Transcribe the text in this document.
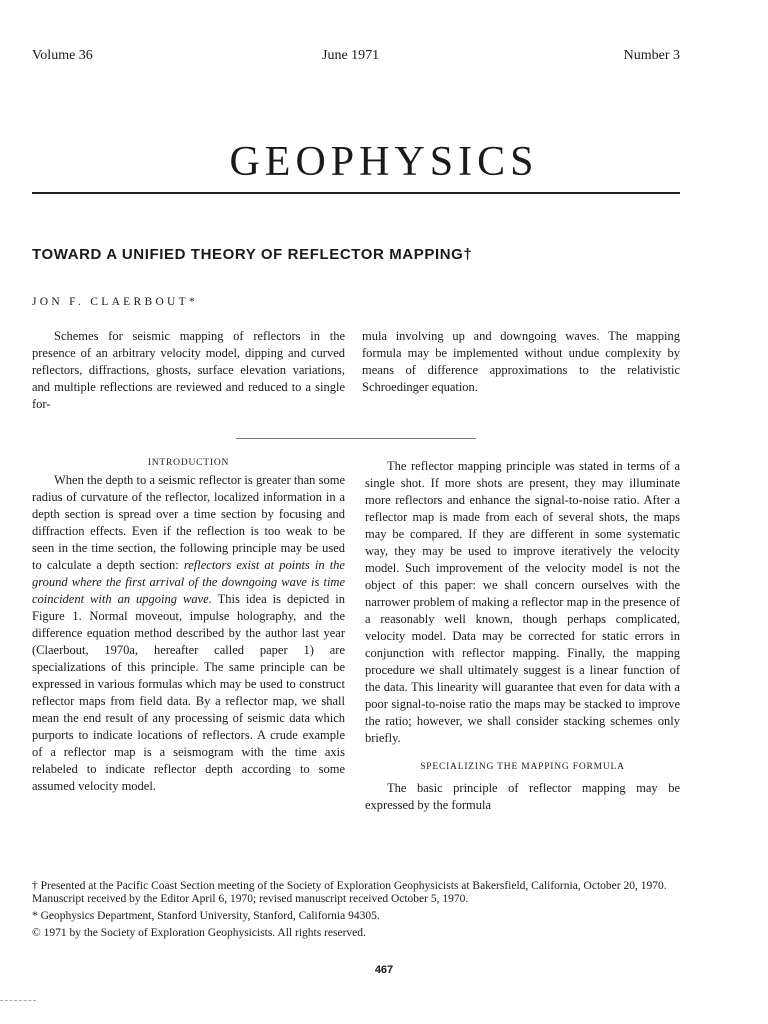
Volume 36	June 1971	Number 3
GEOPHYSICS
TOWARD A UNIFIED THEORY OF REFLECTOR MAPPING†
JON F. CLAERBOUT*

Schemes for seismic mapping of reflectors in the presence of an arbitrary velocity model, dipping and curved reflectors, diffractions, ghosts, surface elevation variations, and multiple reflections are reviewed and reduced to a single for-

mula involving up and downgoing waves. The mapping formula may be implemented without undue complexity by means of difference approximations to the relativistic Schroedinger equation.

INTRODUCTION

When the depth to a seismic reflector is greater than some radius of curvature of the reflector, localized information in a depth section is spread over a time section by focusing and diffraction effects. Even if the reflection is too weak to be seen in the time section, the following principle may be used to calculate a depth section: reflectors exist at points in the ground where the first arrival of the downgoing wave is time coincident with an upgoing wave. This idea is depicted in Figure 1. Normal moveout, impulse holography, and the difference equation method described by the author last year (Claerbout, 1970a, hereafter called paper 1) are specializations of this principle. The same principle can be expressed in various formulas which may be used to construct reflector maps from field data. By a reflector map, we shall mean the end result of any processing of seismic data which purports to indicate locations of reflectors. A crude example of a reflector map is a seismogram with the time axis relabeled to indicate reflector depth according to some assumed velocity model.

The reflector mapping principle was stated in terms of a single shot. If more shots are present, they may illuminate more reflectors and enhance the signal-to-noise ratio. After a reflector map is made from each of several shots, the maps may be compared. If they are different in some systematic way, they may be used to improve iteratively the velocity model. Such improvement of the velocity model is not the object of this paper: we shall concern ourselves with the narrower problem of making a reflector map in the presence of a reasonably well known, though perhaps complicated, velocity model. Data may be corrected for static errors in conjunction with reflector mapping. Finally, the mapping procedure we shall ultimately suggest is a linear function of the data. This linearity will guarantee that even for data with a poor signal-to-noise ratio the maps may be stacked to improve the ratio; however, we shall consider stacking schemes only briefly.

SPECIALIZING THE MAPPING FORMULA

The basic principle of reflector mapping may be expressed by the formula

† Presented at the Pacific Coast Section meeting of the Society of Exploration Geophysicists at Bakersfield, California, October 20, 1970. Manuscript received by the Editor April 6, 1970; revised manuscript received October 5, 1970.

* Geophysics Department, Stanford University, Stanford, California 94305.

© 1971 by the Society of Exploration Geophysicists. All rights reserved.

467
